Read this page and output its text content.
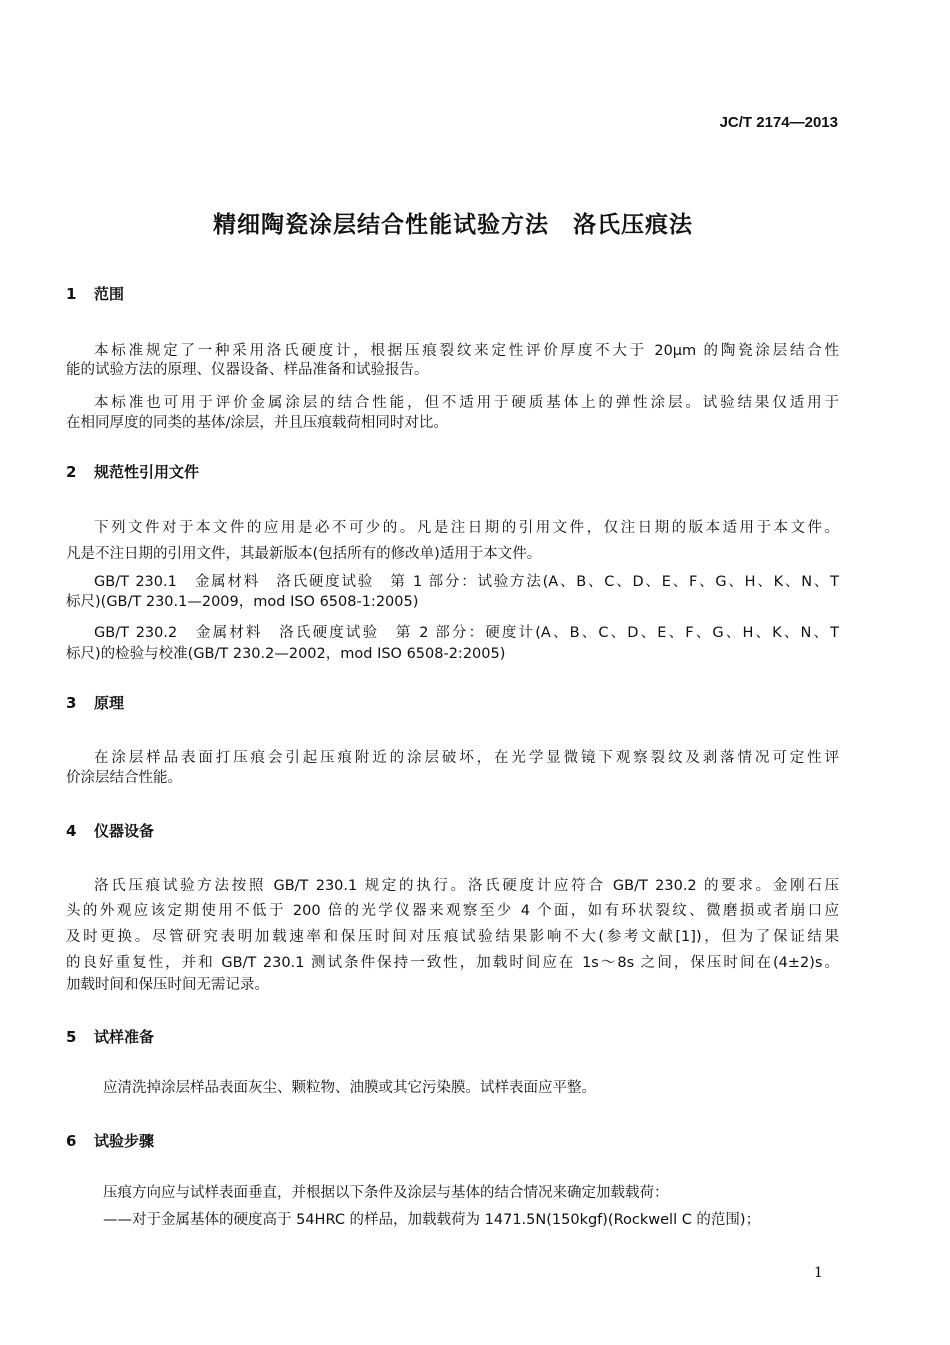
JC/T 2174—2013
精细陶瓷涂层结合性能试验方法　洛氏压痕法
1 范围
本标准规定了一种采用洛氏硬度计，根据压痕裂纹来定性评价厚度不大于 20μm 的陶瓷涂层结合性
能的试验方法的原理、仪器设备、样品准备和试验报告。
本标准也可用于评价金属涂层的结合性能，但不适用于硬质基体上的弹性涂层。试验结果仅适用于
在相同厚度的同类的基体/涂层，并且压痕载荷相同时对比。
2 规范性引用文件
下列文件对于本文件的应用是必不可少的。凡是注日期的引用文件，仅注日期的版本适用于本文件。
凡是不注日期的引用文件，其最新版本(包括所有的修改单)适用于本文件。
GB/T 230.1　金属材料　洛氏硬度试验　第 1 部分：试验方法(A、B、C、D、E、F、G、H、K、N、T
标尺)(GB/T 230.1—2009，mod ISO 6508-1:2005)
GB/T 230.2　金属材料　洛氏硬度试验　第 2 部分：硬度计(A、B、C、D、E、F、G、H、K、N、T
标尺)的检验与校准(GB/T 230.2—2002，mod ISO 6508-2:2005)
3 原理
在涂层样品表面打压痕会引起压痕附近的涂层破坏，在光学显微镜下观察裂纹及剥落情况可定性评
价涂层结合性能。
4 仪器设备
洛氏压痕试验方法按照 GB/T 230.1 规定的执行。洛氏硬度计应符合 GB/T 230.2 的要求。金刚石压
头的外观应该定期使用不低于 200 倍的光学仪器来观察至少 4 个面，如有环状裂纹、微磨损或者崩口应
及时更换。尽管研究表明加载速率和保压时间对压痕试验结果影响不大(参考文献[1])，但为了保证结果
的良好重复性，并和 GB/T 230.1 测试条件保持一致性，加载时间应在 1s～8s 之间，保压时间在(4±2)s。
加载时间和保压时间无需记录。
5 试样准备
应清洗掉涂层样品表面灰尘、颗粒物、油膜或其它污染膜。试样表面应平整。
6 试验步骤
压痕方向应与试样表面垂直，并根据以下条件及涂层与基体的结合情况来确定加载载荷：
——对于金属基体的硬度高于 54HRC 的样品，加载载荷为 1471.5N(150kgf)(Rockwell C 的范围)；
1
